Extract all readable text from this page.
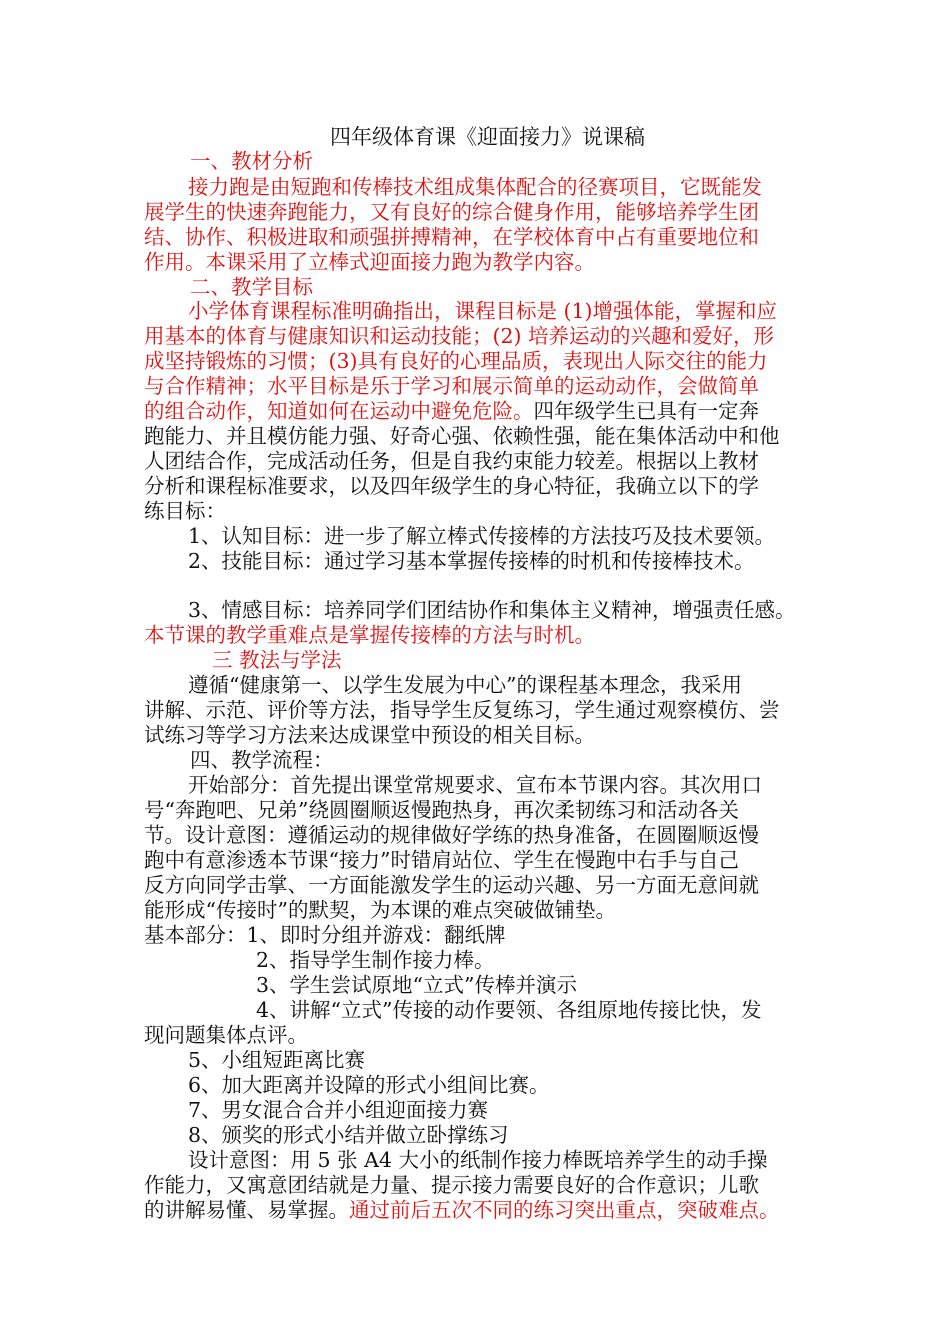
四年级体育课《迎面接力》说课稿
一、教材分析
接力跑是由短跑和传棒技术组成集体配合的径赛项目，它既能发
展学生的快速奔跑能力，又有良好的综合健身作用，能够培养学生团
结、协作、积极进取和顽强拼搏精神，在学校体育中占有重要地位和
作用。本课采用了立棒式迎面接力跑为教学内容。
二、教学目标
小学体育课程标准明确指出，课程目标是 (1)增强体能，掌握和应
用基本的体育与健康知识和运动技能；(2) 培养运动的兴趣和爱好，形
成坚持锻炼的习惯；(3)具有良好的心理品质，表现出人际交往的能力
与合作精神；水平目标是乐于学习和展示简单的运动动作，会做简单
的组合动作，知道如何在运动中避免危险。四年级学生已具有一定奔
跑能力、并且模仿能力强、好奇心强、依赖性强，能在集体活动中和他
人团结合作，完成活动任务，但是自我约束能力较差。根据以上教材
分析和课程标准要求，以及四年级学生的身心特征，我确立以下的学
练目标：
1、认知目标：进一步了解立棒式传接棒的方法技巧及技术要领。
2、技能目标：通过学习基本掌握传接棒的时机和传接棒技术。
3、情感目标：培养同学们团结协作和集体主义精神，增强责任感。
本节课的教学重难点是掌握传接棒的方法与时机。
三 教法与学法
遵循“健康第一、以学生发展为中心”的课程基本理念，我采用
讲解、示范、评价等方法，指导学生反复练习，学生通过观察模仿、尝
试练习等学习方法来达成课堂中预设的相关目标。
四、教学流程：
开始部分：首先提出课堂常规要求、宣布本节课内容。其次用口
号“奔跑吧、兄弟”绕圆圈顺返慢跑热身，再次柔韧练习和活动各关
节。设计意图：遵循运动的规律做好学练的热身准备，在圆圈顺返慢
跑中有意渗透本节课“接力”时错肩站位、学生在慢跑中右手与自己
反方向同学击掌、一方面能激发学生的运动兴趣、另一方面无意间就
能形成“传接时”的默契，为本课的难点突破做铺垫。
基本部分：1、即时分组并游戏：翻纸牌
2、指导学生制作接力棒。
3、学生尝试原地“立式”传棒并演示
4、讲解“立式”传接的动作要领、各组原地传接比快，发
现问题集体点评。
5、小组短距离比赛
6、加大距离并设障的形式小组间比赛。
7、男女混合合并小组迎面接力赛
8、颁奖的形式小结并做立卧撑练习
设计意图：用 5 张 A4 大小的纸制作接力棒既培养学生的动手操
作能力，又寓意团结就是力量、提示接力需要良好的合作意识；儿歌
的讲解易懂、易掌握。通过前后五次不同的练习突出重点，突破难点。
